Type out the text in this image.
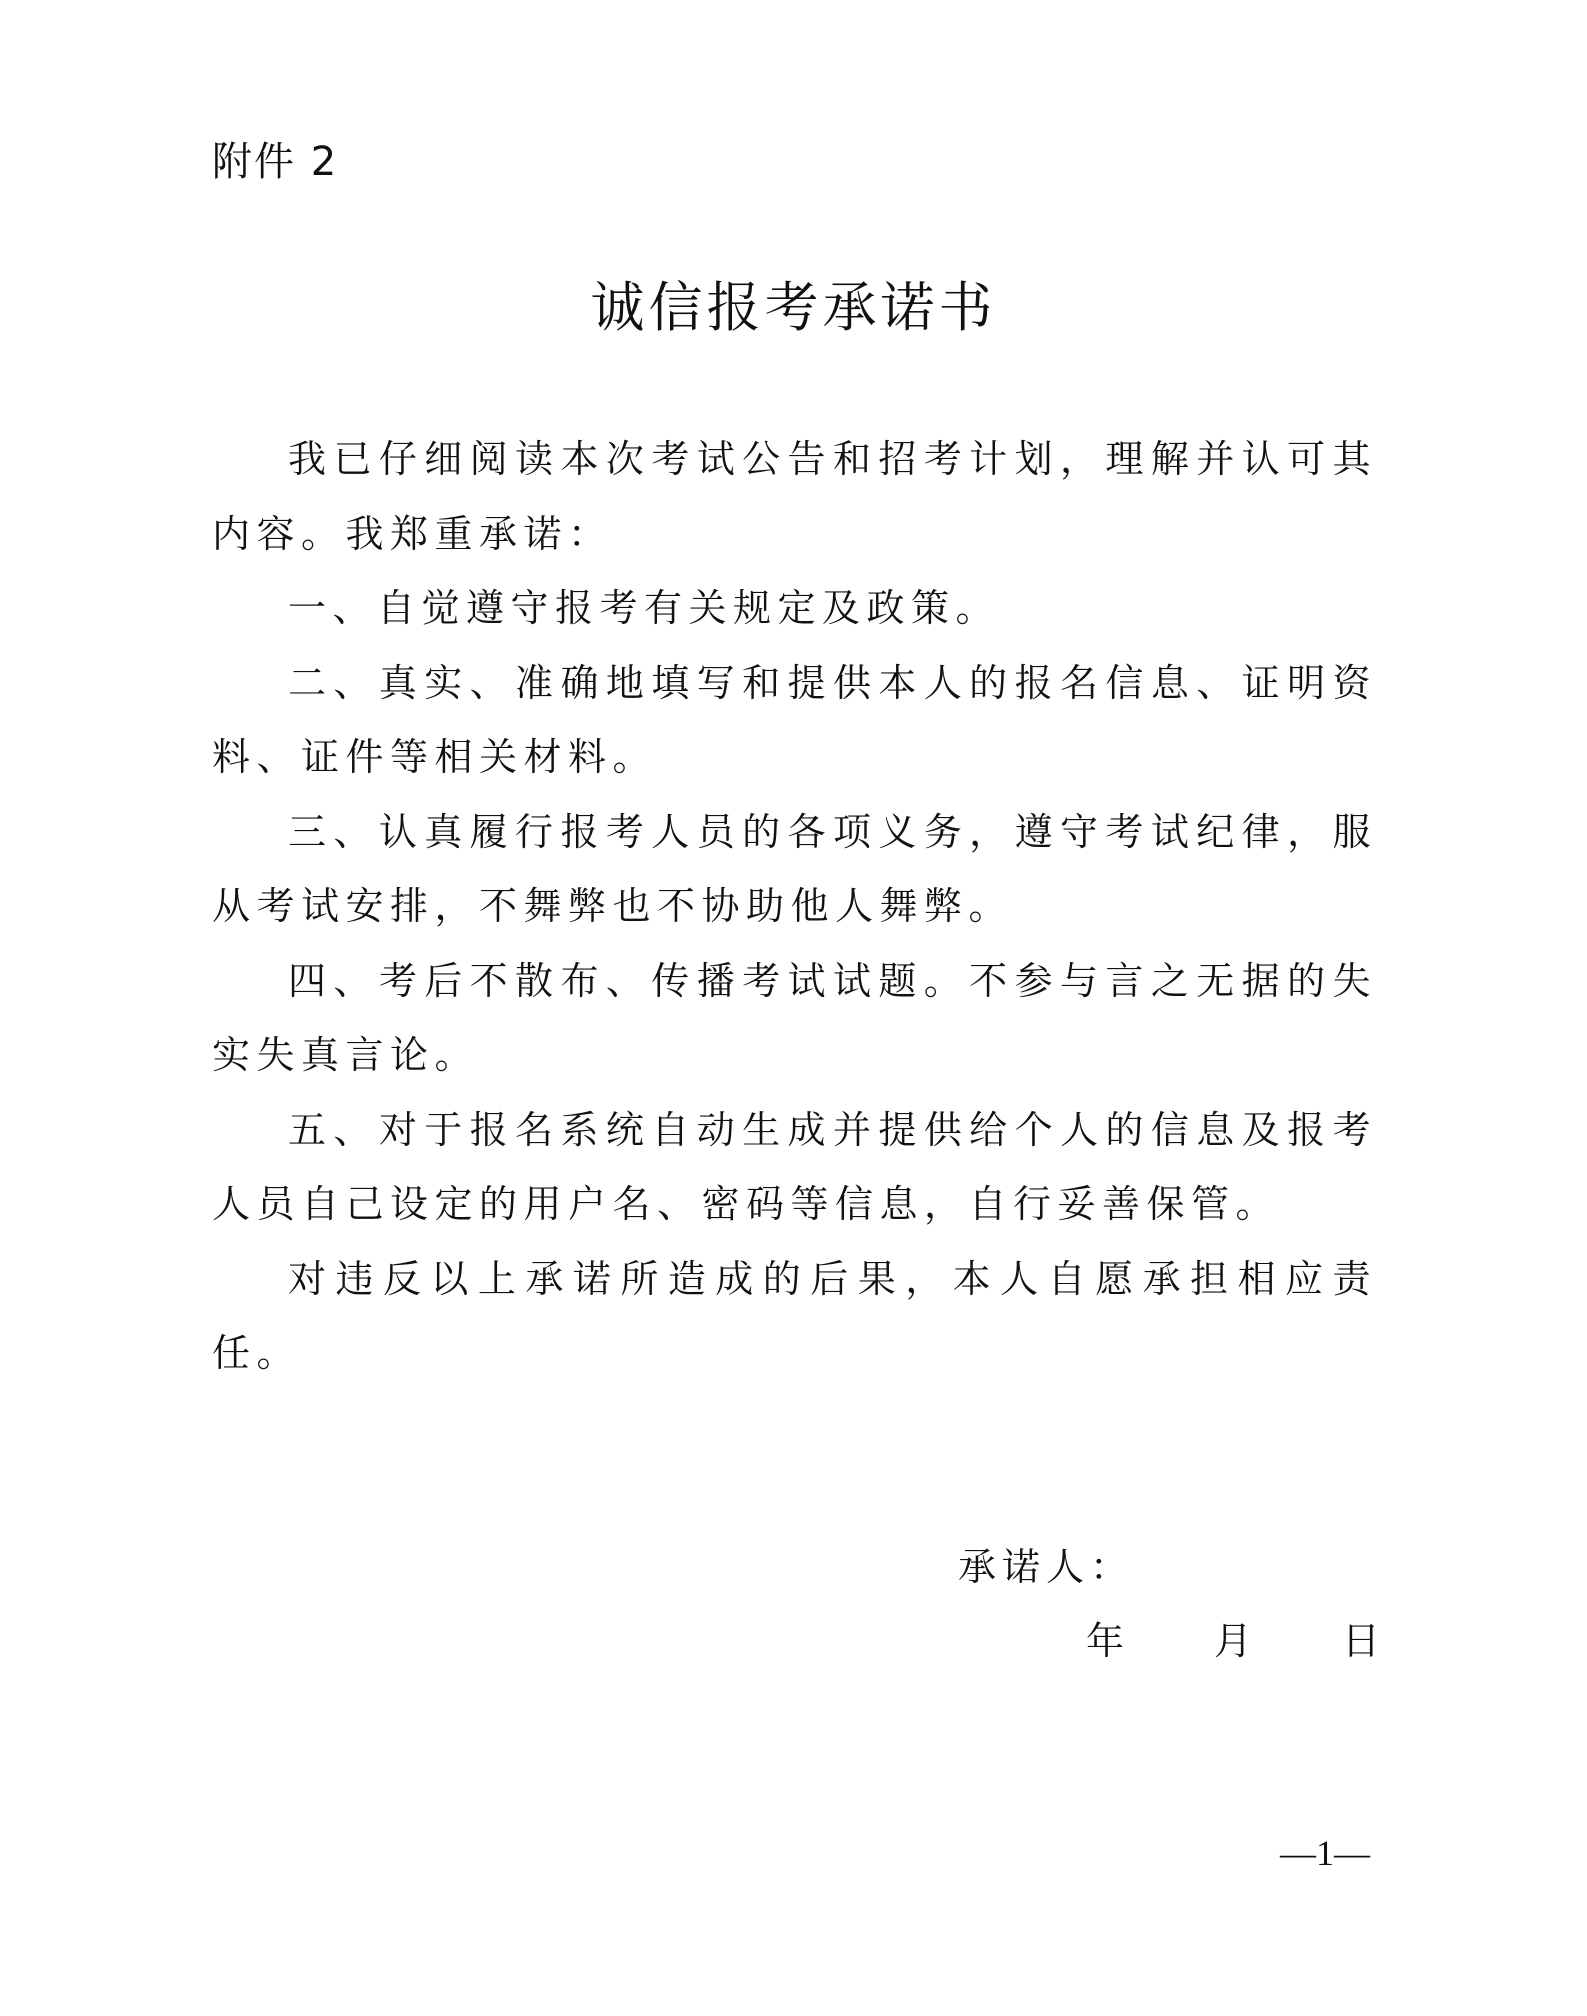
附件 2
诚信报考承诺书

我已仔细阅读本次考试公告和招考计划，理解并认可其内容。我郑重承诺：

一、自觉遵守报考有关规定及政策。

二、真实、准确地填写和提供本人的报名信息、证明资料、证件等相关材料。

三、认真履行报考人员的各项义务，遵守考试纪律，服从考试安排，不舞弊也不协助他人舞弊。

四、考后不散布、传播考试试题。不参与言之无据的失实失真言论。

五、对于报名系统自动生成并提供给个人的信息及报考人员自己设定的用户名、密码等信息，自行妥善保管。

对违反以上承诺所造成的后果，本人自愿承担相应责任。

承诺人：
年 月 日
—1—
